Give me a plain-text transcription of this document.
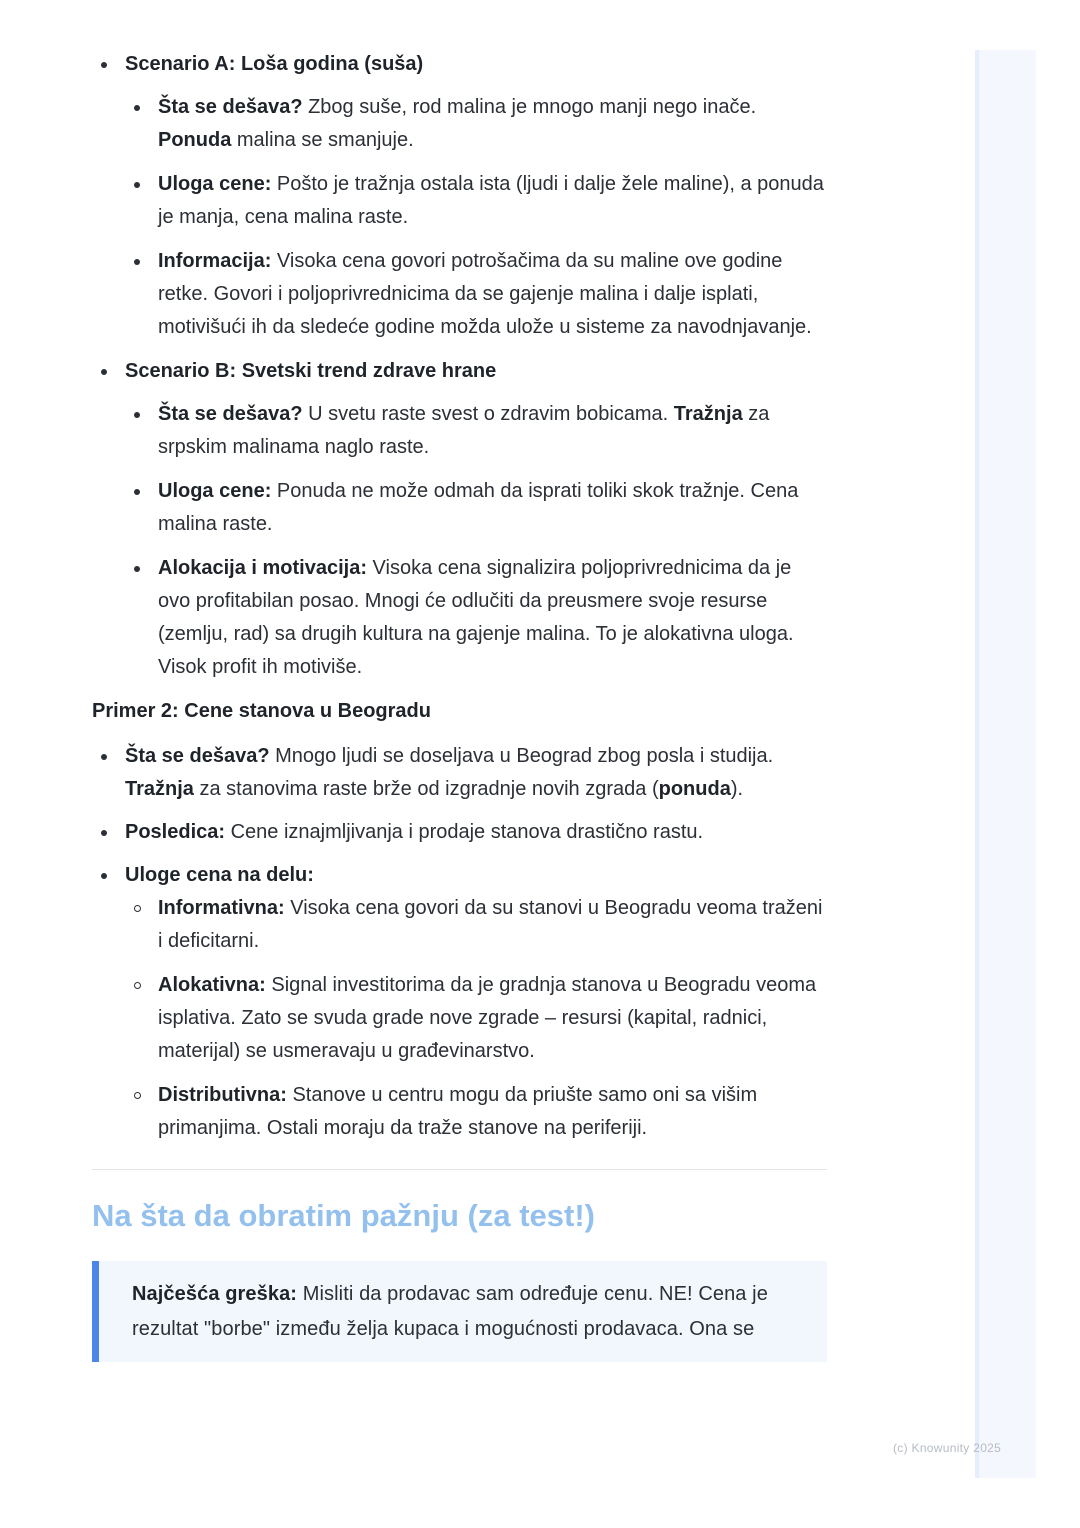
(c) Knowunity 2025
Scenario A: Loša godina (suša)
Šta se dešava? Zbog suše, rod malina je mnogo manji nego inače. Ponuda malina se smanjuje.
Uloga cene: Pošto je tražnja ostala ista (ljudi i dalje žele maline), a ponuda je manja, cena malina raste.
Informacija: Visoka cena govori potrošačima da su maline ove godine retke. Govori i poljoprivrednicima da se gajenje malina i dalje isplati, motivišući ih da sledeće godine možda ulože u sisteme za navodnjavanje.
Scenario B: Svetski trend zdrave hrane
Šta se dešava? U svetu raste svest o zdravim bobicama. Tražnja za srpskim malinama naglo raste.
Uloga cene: Ponuda ne može odmah da isprati toliki skok tražnje. Cena malina raste.
Alokacija i motivacija: Visoka cena signalizira poljoprivrednicima da je ovo profitabilan posao. Mnogi će odlučiti da preusmere svoje resurse (zemlju, rad) sa drugih kultura na gajenje malina. To je alokativna uloga. Visok profit ih motiviše.
Primer 2: Cene stanova u Beogradu
Šta se dešava? Mnogo ljudi se doseljava u Beograd zbog posla i studija. Tražnja za stanovima raste brže od izgradnje novih zgrada (ponuda).
Posledica: Cene iznajmljivanja i prodaje stanova drastično rastu.
Uloge cena na delu:
Informativna: Visoka cena govori da su stanovi u Beogradu veoma traženi i deficitarni.
Alokativna: Signal investitorima da je gradnja stanova u Beogradu veoma isplativa. Zato se svuda grade nove zgrade – resursi (kapital, radnici, materijal) se usmeravaju u građevinarstvo.
Distributivna: Stanove u centru mogu da priušte samo oni sa višim primanjima. Ostali moraju da traže stanove na periferiji.
Na šta da obratim pažnju (za test!)
Najčešća greška: Misliti da prodavac sam određuje cenu. NE! Cena je rezultat "borbe" između želja kupaca i mogućnosti prodavaca. Ona se
